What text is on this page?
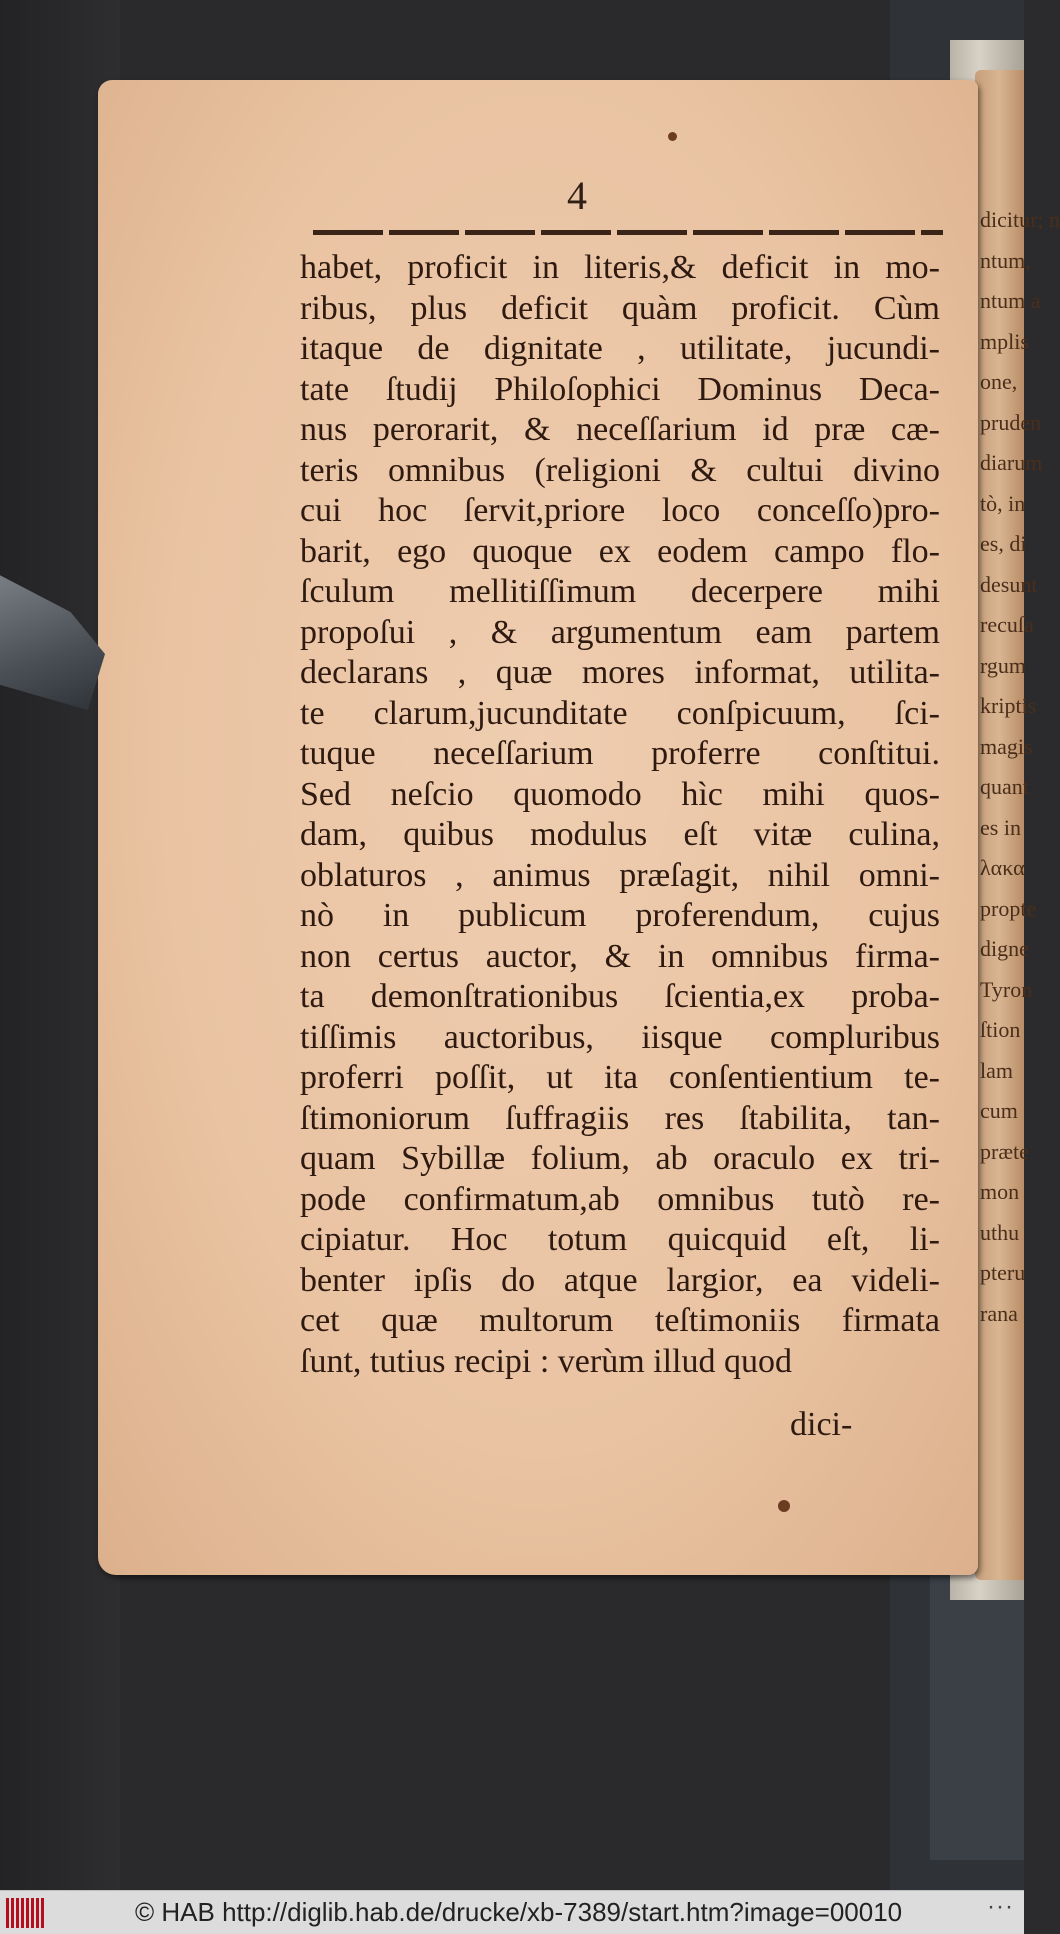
dicitur; n
ntum,
ntum a
mplis
one,
pruden
diarum
tò, in
es, di
desunt
recuſa
rgum
kriptis
magis
quant
es in
λακα
propte
digne
Tyron
ſtion
lam
cum
præte
mon
uthu
pteru
rana
4
habet, proficit in literis,& deficit in mo-
ribus, plus deficit quàm proficit. Cùm
itaque de dignitate , utilitate, jucundi-
tate ſtudij Philoſophici Dominus Deca-
nus perorarit, & neceſſarium id præ cæ-
teris omnibus (religioni & cultui divino
cui hoc ſervit,priore loco conceſſo)pro-
barit, ego quoque ex eodem campo flo-
ſculum mellitiſſimum decerpere mihi
propoſui , & argumentum eam partem
declarans , quæ mores informat, utilita-
te clarum,jucunditate conſpicuum, ſci-
tuque neceſſarium proferre conſtitui.
Sed neſcio quomodo hìc mihi quos-
dam, quibus modulus eſt vitæ culina,
oblaturos , animus præſagit, nihil omni-
nò in publicum proferendum, cujus
non certus auctor, & in omnibus firma-
ta demonſtrationibus ſcientia,ex proba-
tiſſimis auctoribus, iisque compluribus
proferri poſſit, ut ita conſentientium te-
ſtimoniorum ſuffragiis res ſtabilita, tan-
quam Sybillæ folium, ab oraculo ex tri-
pode confirmatum,ab omnibus tutò re-
cipiatur. Hoc totum quicquid eſt, li-
benter ipſis do atque largior, ea videli-
cet quæ multorum teſtimoniis firmata
ſunt, tutius recipi : verùm illud quod
dici-
© HAB http://diglib.hab.de/drucke/xb-7389/start.htm?image=00010	···
